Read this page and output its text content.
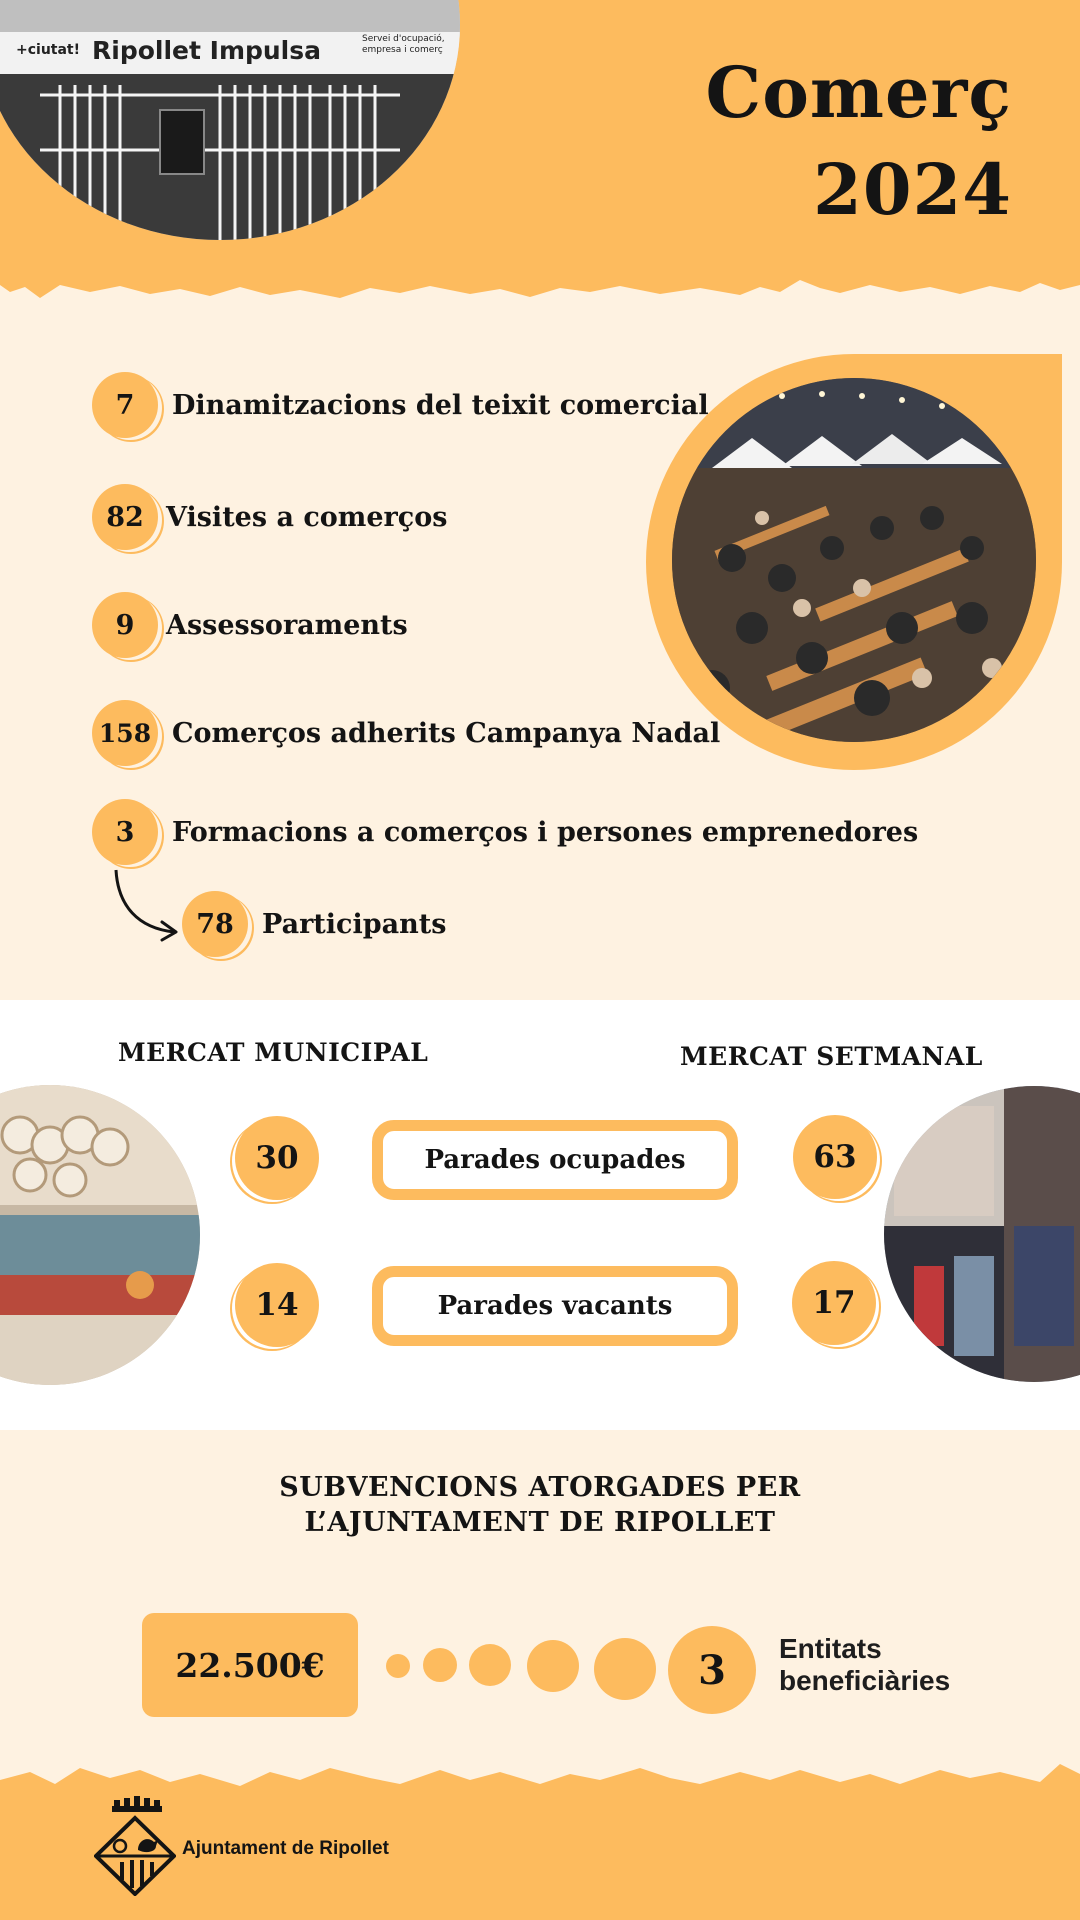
Ripollet Impulsa
+ciutat!
Servei d'ocupació, empresa i comerç
Comerç
2024
7	Dinamitzacions del teixit comercial
82 Visites a comerços
9	Assessoraments
158 Comerços adherits Campanya Nadal
3	Formacions a comerços i persones emprenedores
78	Participants
MERCAT MUNICIPAL	MERCAT SETMANAL
30	Parades ocupades	63
14	Parades vacants	17
SUBVENCIONS ATORGADES PER
L’AJUNTAMENT DE RIPOLLET
22.500€	3	Entitats
beneficiàries
Ajuntament de Ripollet
